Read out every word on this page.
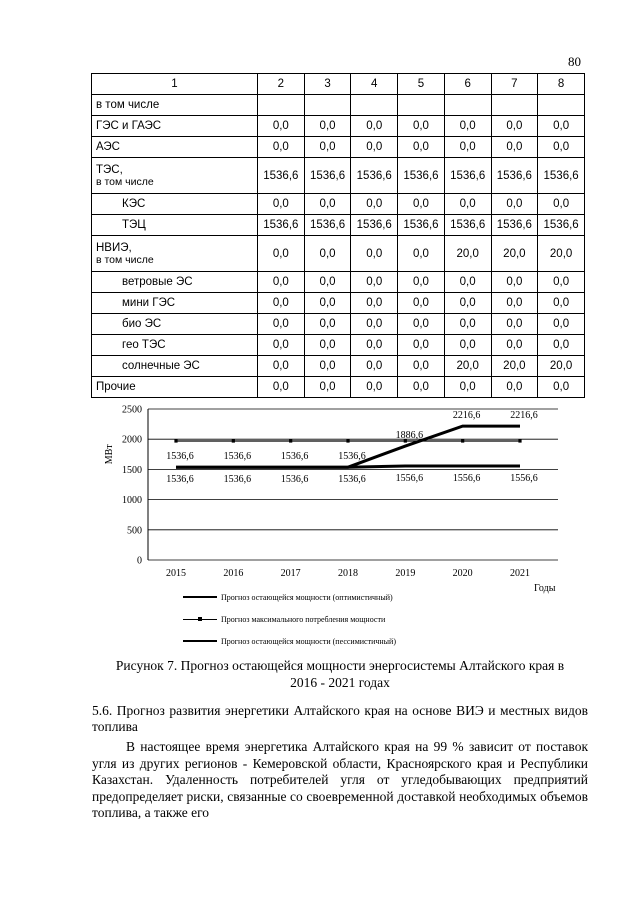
80
1	2	3	4	5	6	7	8
в том числе							
ГЭС и ГАЭС	0,0	0,0	0,0	0,0	0,0	0,0	0,0
АЭС	0,0	0,0	0,0	0,0	0,0	0,0	0,0
ТЭС,
в том числе	1536,6	1536,6	1536,6	1536,6	1536,6	1536,6	1536,6
КЭС	0,0	0,0	0,0	0,0	0,0	0,0	0,0
ТЭЦ	1536,6	1536,6	1536,6	1536,6	1536,6	1536,6	1536,6
НВИЭ,
в том числе	0,0	0,0	0,0	0,0	20,0	20,0	20,0
ветровые ЭС	0,0	0,0	0,0	0,0	0,0	0,0	0,0
мини ГЭС	0,0	0,0	0,0	0,0	0,0	0,0	0,0
био ЭС	0,0	0,0	0,0	0,0	0,0	0,0	0,0
гео ТЭС	0,0	0,0	0,0	0,0	0,0	0,0	0,0
солнечные ЭС	0,0	0,0	0,0	0,0	20,0	20,0	20,0
Прочие	0,0	0,0	0,0	0,0	0,0	0,0	0,0
0
500
1000
1500
2000
2500
МВт
2015	2016	2017	2018	2019	2020	2021
Годы
1536,6	1536,6	1536,6	1536,6
1886,6
2216,6	2216,6
1536,6	1536,6	1536,6	1536,6	1556,6	1556,6	1556,6
Прогноз остающейся мощности (оптимистичный)
Прогноз максимального потребления мощности
Прогноз остающейся мощности (пессимистичный)
Рисунок 7. Прогноз остающейся мощности энергосистемы Алтайского края в
2016 - 2021 годах
5.6. Прогноз развития энергетики Алтайского края на основе ВИЭ и местных видов топлива
В настоящее время энергетика Алтайского края на 99 % зависит от поставок угля из других регионов - Кемеровской области, Красноярского края и Республики Казахстан. Удаленность потребителей угля от угледобывающих предприятий предопределяет риски, связанные со своевременной доставкой необходимых объемов топлива, а также его
